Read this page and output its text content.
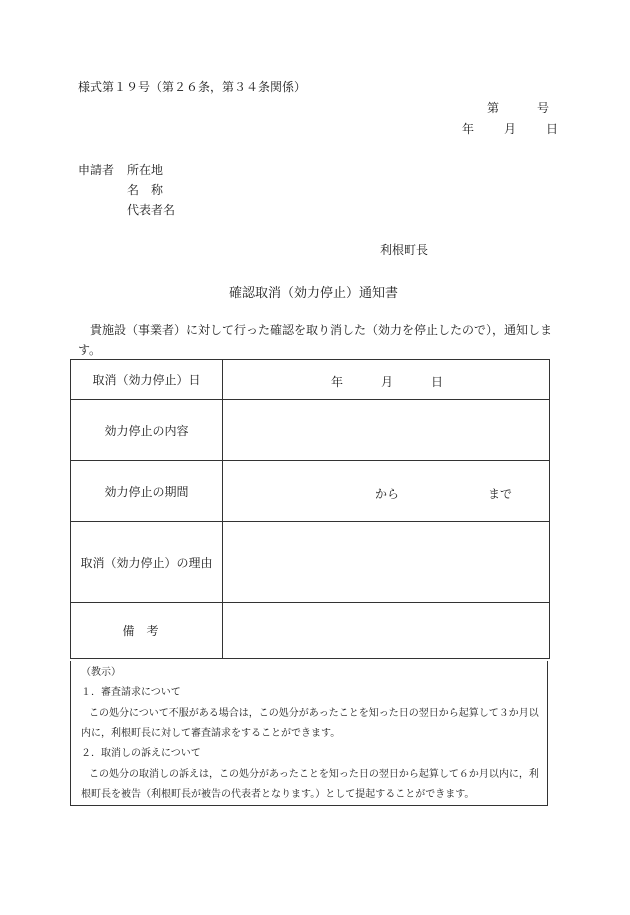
様式第１９号（第２６条，第３４条関係）
第	号
年	月	日
申請者 所在地
名称
代表者名
利根町長
確認取消（効力停止）通知書
貴施設（事業者）に対して行った確認を取り消した（効力を停止したので），通知します。
取消（効力停止）日	年 月 日

効力停止の内容	
効力停止の期間	から まで

取消（効力停止）の理由	
備考	
（教示）
１．審査請求について
この処分について不服がある場合は，この処分があったことを知った日の翌日から起算して３か月以
内に，利根町長に対して審査請求をすることができます。
２．取消しの訴えについて
この処分の取消しの訴えは，この処分があったことを知った日の翌日から起算して６か月以内に，利
根町長を被告（利根町長が被告の代表者となります。）として提起することができます。
